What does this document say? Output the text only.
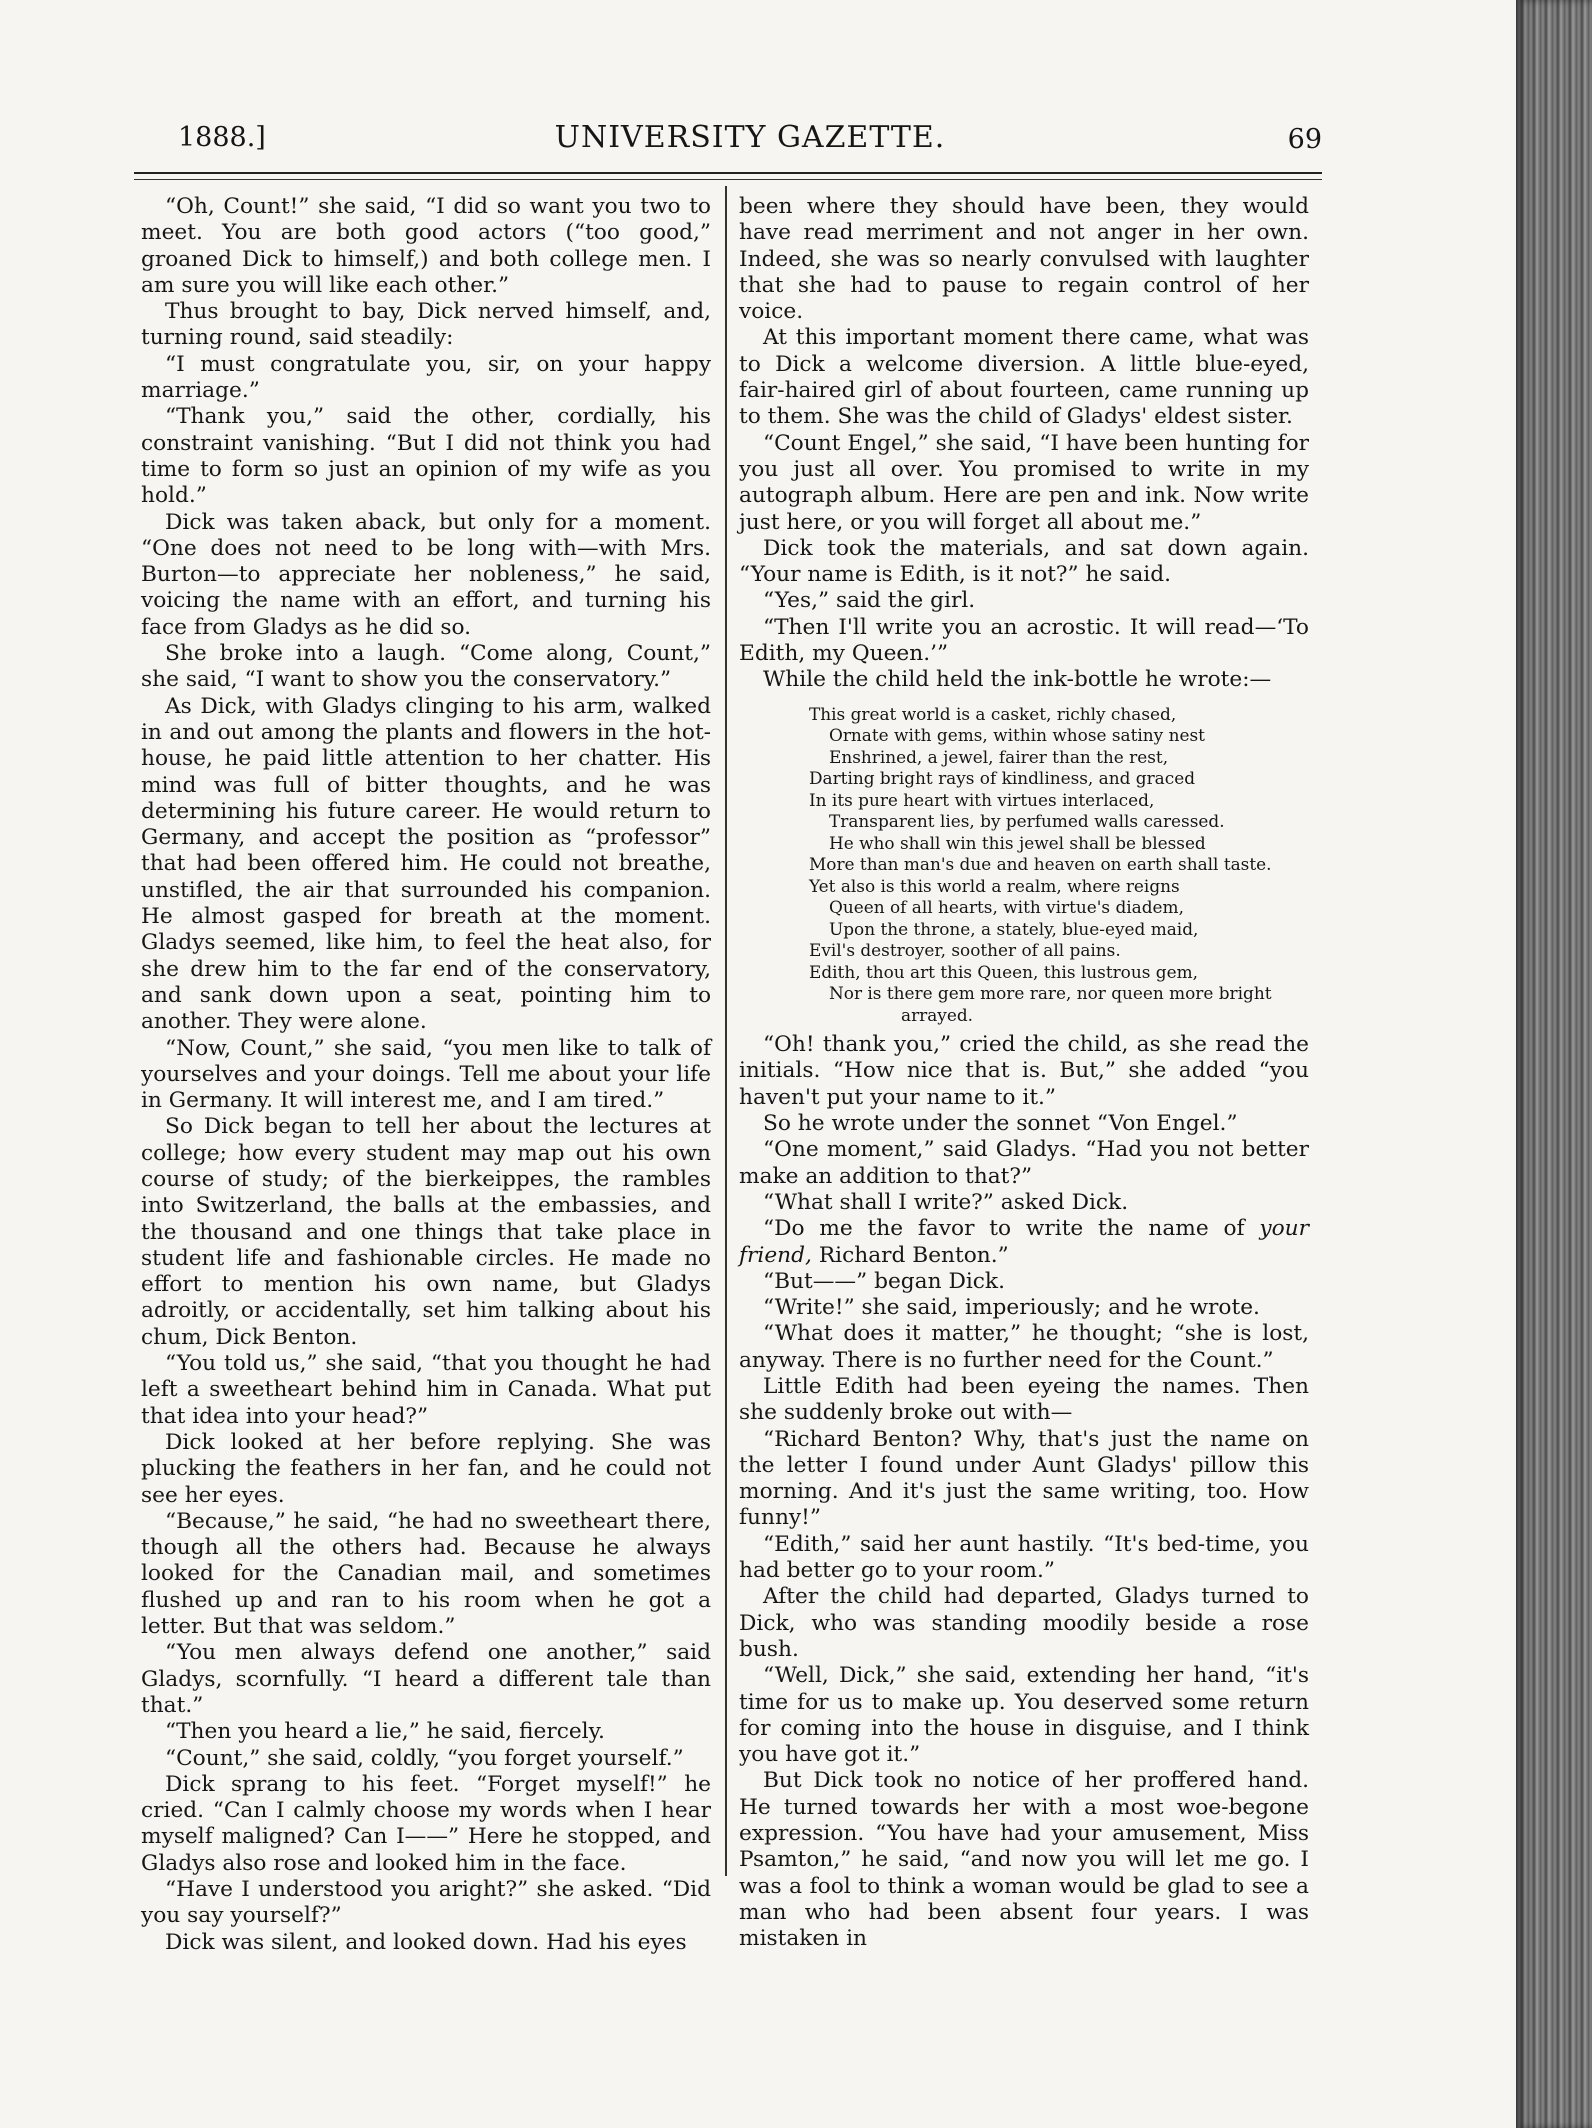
1888.]	UNIVERSITY GAZETTE.	69

“Oh, Count!” she said, “I did so want you two to meet. You are both good actors (“too good,” groaned Dick to himself,) and both college men. I am sure you will like each other.”

Thus brought to bay, Dick nerved himself, and, turning round, said steadily:

“I must congratulate you, sir, on your happy marriage.”

“Thank you,” said the other, cordially, his constraint vanishing. “But I did not think you had time to form so just an opinion of my wife as you hold.”

Dick was taken aback, but only for a moment. “One does not need to be long with—with Mrs. Burton—to appreciate her nobleness,” he said, voicing the name with an effort, and turning his face from Gladys as he did so.

She broke into a laugh. “Come along, Count,” she said, “I want to show you the conservatory.”

As Dick, with Gladys clinging to his arm, walked in and out among the plants and flowers in the hot-house, he paid little attention to her chatter. His mind was full of bitter thoughts, and he was determining his future career. He would return to Germany, and accept the position as “professor” that had been offered him. He could not breathe, unstifled, the air that surrounded his companion. He almost gasped for breath at the moment. Gladys seemed, like him, to feel the heat also, for she drew him to the far end of the conservatory, and sank down upon a seat, pointing him to another. They were alone.

“Now, Count,” she said, “you men like to talk of yourselves and your doings. Tell me about your life in Germany. It will interest me, and I am tired.”

So Dick began to tell her about the lectures at college; how every student may map out his own course of study; of the bierkeippes, the rambles into Switzerland, the balls at the embassies, and the thousand and one things that take place in student life and fashionable circles. He made no effort to mention his own name, but Gladys adroitly, or accidentally, set him talking about his chum, Dick Benton.

“You told us,” she said, “that you thought he had left a sweetheart behind him in Canada. What put that idea into your head?”

Dick looked at her before replying. She was plucking the feathers in her fan, and he could not see her eyes.

“Because,” he said, “he had no sweetheart there, though all the others had. Because he always looked for the Canadian mail, and sometimes flushed up and ran to his room when he got a letter. But that was seldom.”

“You men always defend one another,” said Gladys, scornfully. “I heard a different tale than that.”

“Then you heard a lie,” he said, fiercely.

“Count,” she said, coldly, “you forget yourself.”

Dick sprang to his feet. “Forget myself!” he cried. “Can I calmly choose my words when I hear myself maligned? Can I——” Here he stopped, and Gladys also rose and looked him in the face.

“Have I understood you aright?” she asked. “Did you say yourself?”

Dick was silent, and looked down. Had his eyes

been where they should have been, they would have read merriment and not anger in her own. Indeed, she was so nearly convulsed with laughter that she had to pause to regain control of her voice.

At this important moment there came, what was to Dick a welcome diversion. A little blue-eyed, fair-haired girl of about fourteen, came running up to them. She was the child of Gladys' eldest sister.

“Count Engel,” she said, “I have been hunting for you just all over. You promised to write in my autograph album. Here are pen and ink. Now write just here, or you will forget all about me.”

Dick took the materials, and sat down again. “Your name is Edith, is it not?” he said.

“Yes,” said the girl.

“Then I'll write you an acrostic. It will read—‘To Edith, my Queen.’”

While the child held the ink-bottle he wrote:—

This great world is a casket, richly chased,
Ornate with gems, within whose satiny nest
Enshrined, a jewel, fairer than the rest,
Darting bright rays of kindliness, and graced
In its pure heart with virtues interlaced,
Transparent lies, by perfumed walls caressed.
He who shall win this jewel shall be blessed
More than man's due and heaven on earth shall taste.
Yet also is this world a realm, where reigns
Queen of all hearts, with virtue's diadem,
Upon the throne, a stately, blue-eyed maid,
Evil's destroyer, soother of all pains.
Edith, thou art this Queen, this lustrous gem,
Nor is there gem more rare, nor queen more bright
arrayed.

“Oh! thank you,” cried the child, as she read the initials. “How nice that is. But,” she added “you haven't put your name to it.”

So he wrote under the sonnet “Von Engel.”

“One moment,” said Gladys. “Had you not better make an addition to that?”

“What shall I write?” asked Dick.

“Do me the favor to write the name of your friend, Richard Benton.”

“But——” began Dick.

“Write!” she said, imperiously; and he wrote.

“What does it matter,” he thought; “she is lost, anyway. There is no further need for the Count.”

Little Edith had been eyeing the names. Then she suddenly broke out with—

“Richard Benton? Why, that's just the name on the letter I found under Aunt Gladys' pillow this morning. And it's just the same writing, too. How funny!”

“Edith,” said her aunt hastily. “It's bed-time, you had better go to your room.”

After the child had departed, Gladys turned to Dick, who was standing moodily beside a rose bush.

“Well, Dick,” she said, extending her hand, “it's time for us to make up. You deserved some return for coming into the house in disguise, and I think you have got it.”

But Dick took no notice of her proffered hand. He turned towards her with a most woe-begone expression. “You have had your amusement, Miss Psamton,” he said, “and now you will let me go. I was a fool to think a woman would be glad to see a man who had been absent four years. I was mistaken in
